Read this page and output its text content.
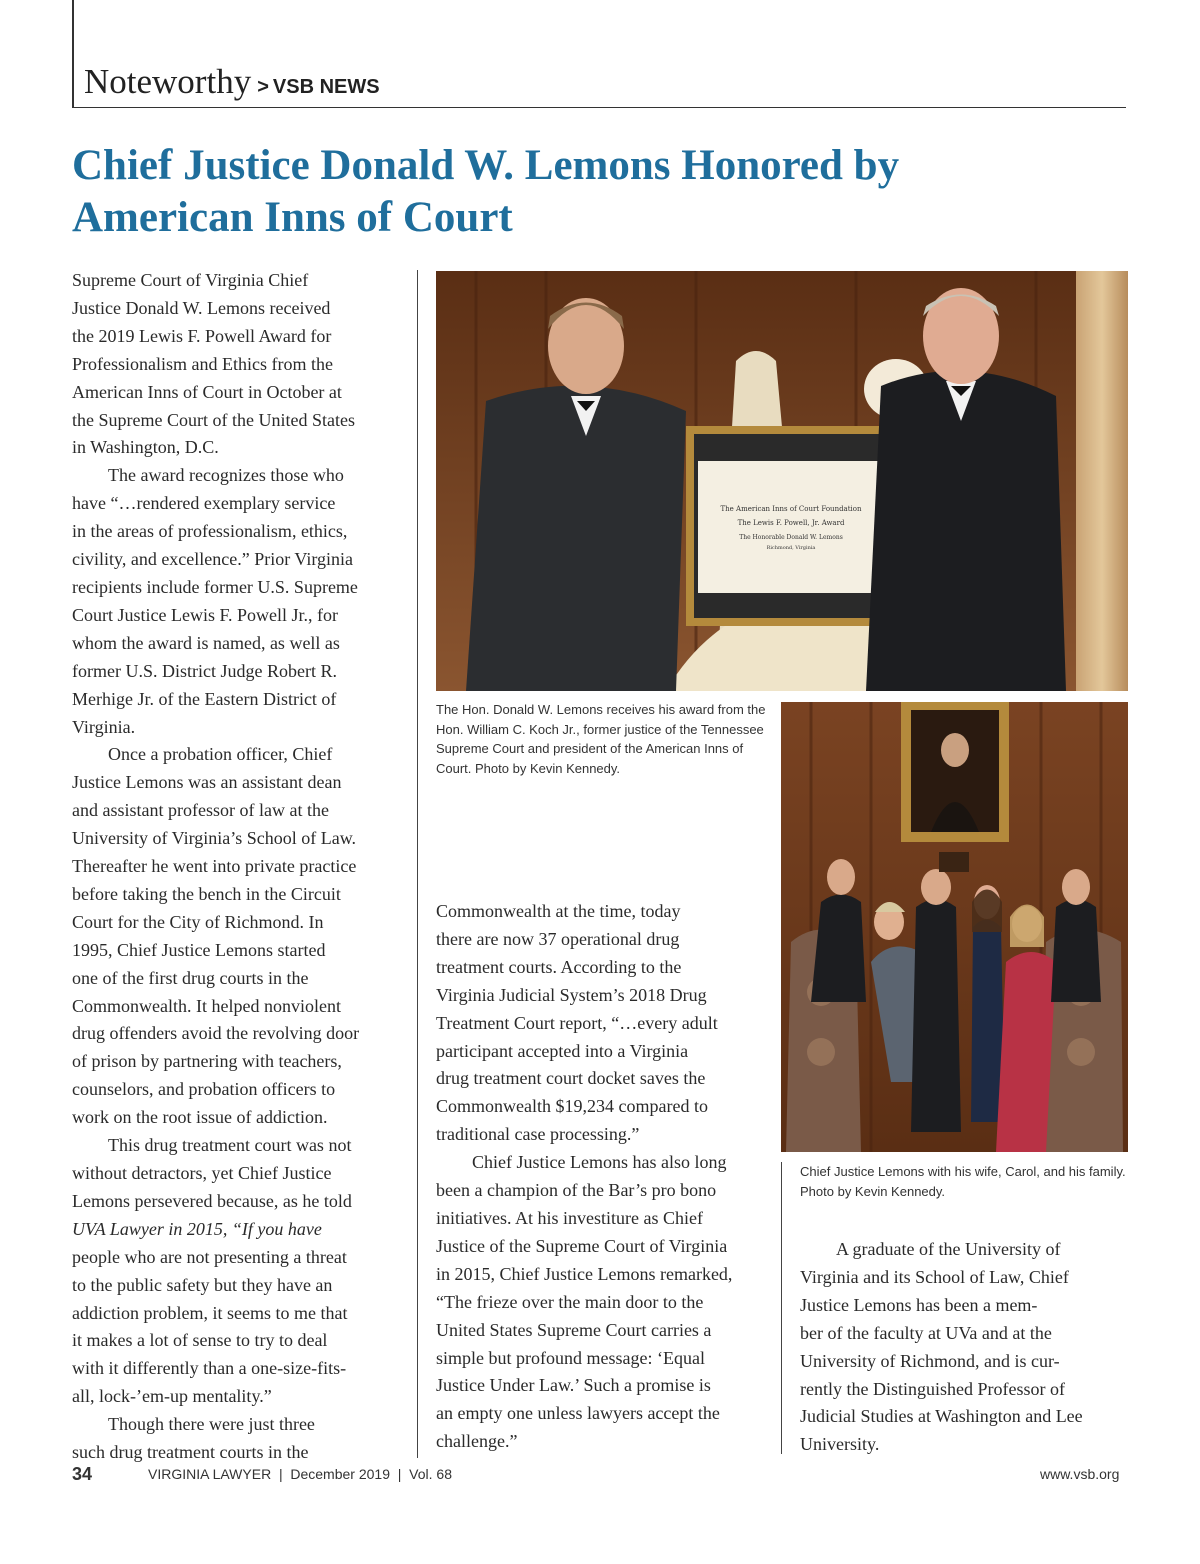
Noteworthy > VSB NEWS
Chief Justice Donald W. Lemons Honored by
American Inns of Court

Supreme Court of Virginia Chief
Justice Donald W. Lemons received
the 2019 Lewis F. Powell Award for
Professionalism and Ethics from the
American Inns of Court in October at
the Supreme Court of the United States
in Washington, D.C.

The award recognizes those who
have “…rendered exemplary service
in the areas of professionalism, ethics,
civility, and excellence.” Prior Virginia
recipients include former U.S. Supreme
Court Justice Lewis F. Powell Jr., for
whom the award is named, as well as
former U.S. District Judge Robert R.
Merhige Jr. of the Eastern District of
Virginia.

Once a probation officer, Chief
Justice Lemons was an assistant dean
and assistant professor of law at the
University of Virginia’s School of Law.
Thereafter he went into private practice
before taking the bench in the Circuit
Court for the City of Richmond. In
1995, Chief Justice Lemons started
one of the first drug courts in the
Commonwealth. It helped nonviolent
drug offenders avoid the revolving door
of prison by partnering with teachers,
counselors, and probation officers to
work on the root issue of addiction.

This drug treatment court was not
without detractors, yet Chief Justice
Lemons persevered because, as he told
UVA Lawyer in 2015, “If you have
people who are not presenting a threat
to the public safety but they have an
addiction problem, it seems to me that
it makes a lot of sense to try to deal
with it differently than a one-size-fits-
all, lock-’em-up mentality.”

Though there were just three
such drug treatment courts in the

The American Inns of Court Foundation
The Lewis F. Powell, Jr. Award
The Honorable Donald W. Lemons
Richmond, Virginia
The Hon. Donald W. Lemons receives his award from the
Hon. William C. Koch Jr., former justice of the Tennessee
Supreme Court and president of the American Inns of
Court. Photo by Kevin Kennedy.
Chief Justice Lemons with his wife, Carol, and his family.
Photo by Kevin Kennedy.

Commonwealth at the time, today
there are now 37 operational drug
treatment courts. According to the
Virginia Judicial System’s 2018 Drug
Treatment Court report, “…every adult
participant accepted into a Virginia
drug treatment court docket saves the
Commonwealth $19,234 compared to
traditional case processing.”

Chief Justice Lemons has also long
been a champion of the Bar’s pro bono
initiatives. At his investiture as Chief
Justice of the Supreme Court of Virginia
in 2015, Chief Justice Lemons remarked,
“The frieze over the main door to the
United States Supreme Court carries a
simple but profound message: ‘Equal
Justice Under Law.’ Such a promise is
an empty one unless lawyers accept the
challenge.”

A graduate of the University of
Virginia and its School of Law, Chief
Justice Lemons has been a mem-
ber of the faculty at UVa and at the
University of Richmond, and is cur-
rently the Distinguished Professor of
Judicial Studies at Washington and Lee
University.

34	VIRGINIA LAWYER  |  December 2019  |  Vol. 68	www.vsb.org
